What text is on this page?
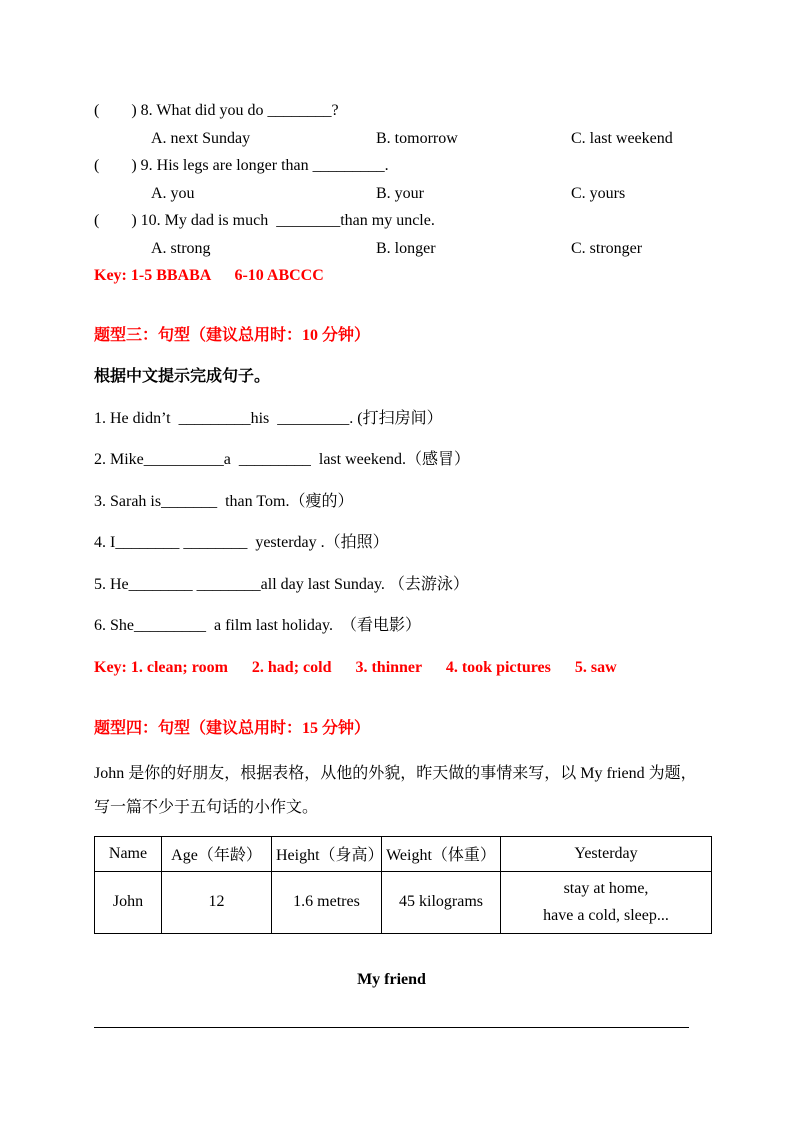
(        ) 8. What did you do ________?
A. next Sunday	B. tomorrow	C. last weekend
(        ) 9. His legs are longer than _________.
A. you	B. your	C. yours
(        ) 10. My dad is much  ________than my uncle.
A. strong	B. longer	C. stronger
Key: 1-5 BBABA      6-10 ABCCC
题型三：句型（建议总用时：10 分钟）
根据中文提示完成句子。
1. He didn’t  _________his  _________. (打扫房间）
2. Mike__________a  _________  last weekend.（感冒）
3. Sarah is_______  than Tom.（瘦的）
4. I________ ________  yesterday .（拍照）
5. He________ ________all day last Sunday. （去游泳）
6. She_________  a film last holiday.  （看电影）
Key: 1. clean; room      2. had; cold      3. thinner      4. took pictures      5. saw
题型四：句型（建议总用时：15 分钟）
John 是你的好朋友，根据表格，从他的外貌，昨天做的事情来写，以 My friend 为题，
写一篇不少于五句话的小作文。
Name	Age（年龄）	Height（身高）	Weight（体重）	Yesterday
John	12	1.6 metres	45 kilograms	stay at home,
have a cold, sleep...
My friend
